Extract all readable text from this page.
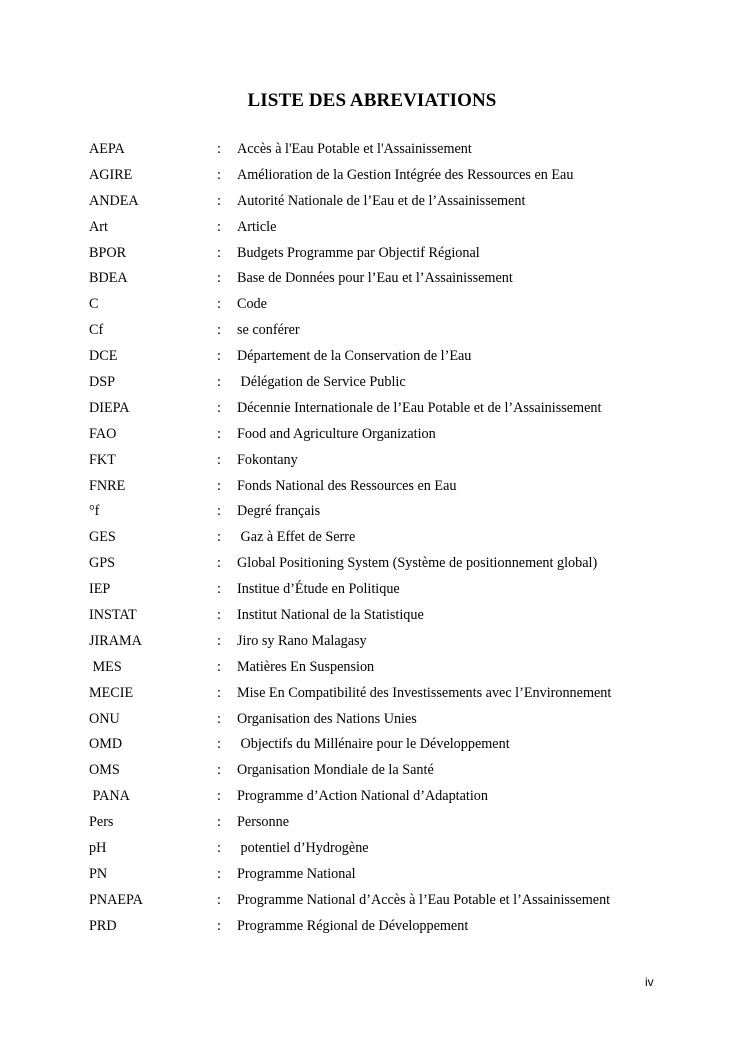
LISTE DES ABREVIATIONS
AEPA	: Accès à l'Eau Potable et l'Assainissement
AGIRE	: Amélioration de la Gestion Intégrée des Ressources en Eau
ANDEA	: Autorité Nationale de l’Eau et de l’Assainissement
Art	: Article
BPOR	: Budgets Programme par Objectif Régional
BDEA	: Base de Données pour l’Eau et l’Assainissement
C	: Code
Cf	: se conférer
DCE	: Département de la Conservation de l’Eau
DSP	: Délégation de Service Public
DIEPA	: Décennie Internationale de l’Eau Potable et de l’Assainissement
FAO	: Food and Agriculture Organization
FKT	: Fokontany
FNRE	: Fonds National des Ressources en Eau
°f	: Degré français
GES	: Gaz à Effet de Serre
GPS	: Global Positioning System (Système de positionnement global)
IEP	: Institue d’Étude en Politique
INSTAT	: Institut National de la Statistique
JIRAMA	: Jiro sy Rano Malagasy
MES	: Matières En Suspension
MECIE	: Mise En Compatibilité des Investissements avec l’Environnement
ONU	: Organisation des Nations Unies
OMD	: Objectifs du Millénaire pour le Développement
OMS	: Organisation Mondiale de la Santé
PANA	: Programme d’Action National d’Adaptation
Pers	: Personne
pH	: potentiel d’Hydrogène
PN	: Programme National
PNAEPA	: Programme National d’Accès à l’Eau Potable et l’Assainissement
PRD	: Programme Régional de Développement
iv
